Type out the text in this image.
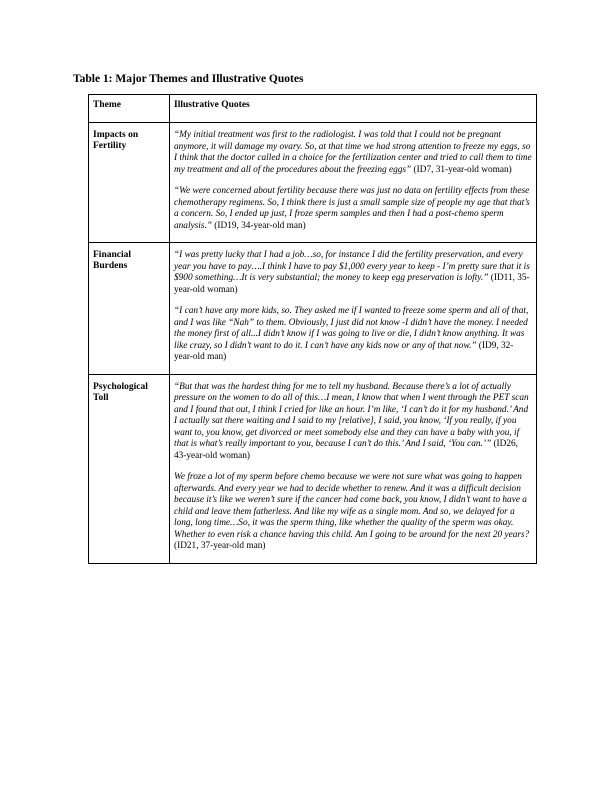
Table 1: Major Themes and Illustrative Quotes
Theme	Illustrative Quotes
Impacts on Fertility	“My initial treatment was first to the radiologist. I was told that I could not be pregnant anymore, it will damage my ovary. So, at that time we had strong attention to freeze my eggs, so I think that the doctor called in a choice for the fertilization center and tried to call them to time my treatment and all of the procedures about the freezing eggs” (ID7, 31-year-old woman)

“We were concerned about fertility because there was just no data on fertility effects from these chemotherapy regimens. So, I think there is just a small sample size of people my age that that’s a concern. So, I ended up just, I froze sperm samples and then I had a post-chemo sperm analysis.” (ID19, 34-year-old man)

Financial Burdens	“I was pretty lucky that I had a job…so, for instance I did the fertility preservation, and every year you have to pay….I think I have to pay $1,000 every year to keep - I’m pretty sure that it is $900 something…It is very substantial; the money to keep egg preservation is lofty.” (ID11, 35-year-old woman)

“I can’t have any more kids, so. They asked me if I wanted to freeze some sperm and all of that, and I was like “Nah” to them. Obviously, I just did not know -I didn’t have the money. I needed the money first of all...I didn’t know if I was going to live or die, I didn’t know anything. It was like crazy, so I didn’t want to do it. I can’t have any kids now or any of that now.” (ID9, 32-year-old man)

Psychological Toll	“But that was the hardest thing for me to tell my husband. Because there’s a lot of actually pressure on the women to do all of this…I mean, I know that when I went through the PET scan and I found that out, I think I cried for like an hour. I’m like, ‘I can’t do it for my husband.’ And I actually sat there waiting and I said to my [relative], I said, you know, ‘If you really, if you want to, you know, get divorced or meet somebody else and they can have a baby with you, if that is what’s really important to you, because I can’t do this.’ And I said, ‘You can.’” (ID26, 43-year-old woman)

We froze a lot of my sperm before chemo because we were not sure what was going to happen afterwards. And every year we had to decide whether to renew. And it was a difficult decision because it’s like we weren’t sure if the cancer had come back, you know, I didn’t want to have a child and leave them fatherless. And like my wife as a single mom. And so, we delayed for a long, long time…So, it was the sperm thing, like whether the quality of the sperm was okay. Whether to even risk a chance having this child. Am I going to be around for the next 20 years? (ID21, 37-year-old man)
